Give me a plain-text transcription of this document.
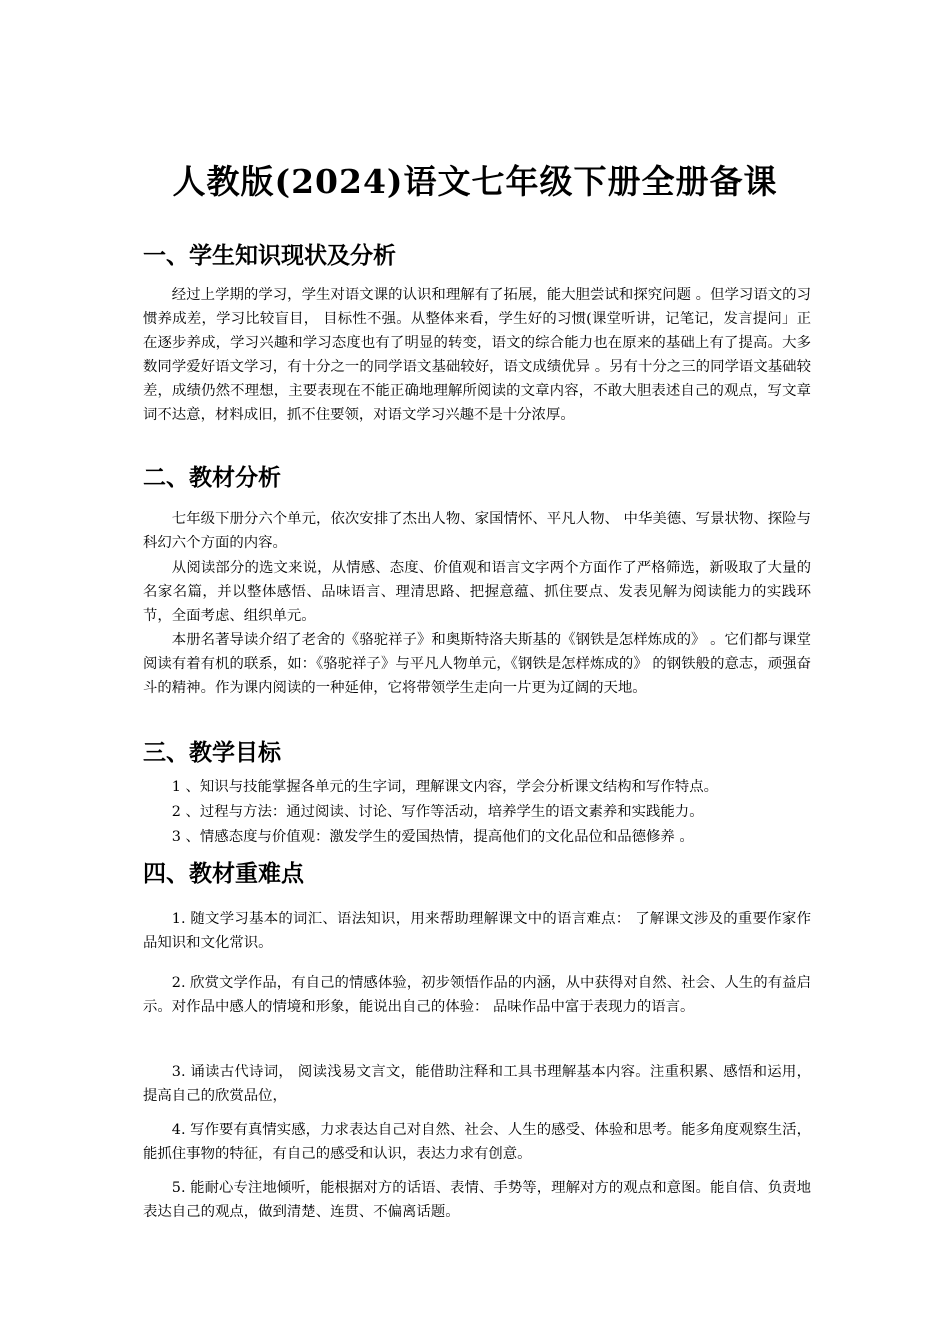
人教版(2024)语文七年级下册全册备课
一、学生知识现状及分析
经过上学期的学习，学生对语文课的认识和理解有了拓展，能大胆尝试和探究问题 。但学习语文的习惯养成差，学习比较盲目， 目标性不强。从整体来看，学生好的习惯(课堂听讲，记笔记，发言提问」正在逐步养成，学习兴趣和学习态度也有了明显的转变，语文的综合能力也在原来的基础上有了提高。大多数同学爱好语文学习，有十分之一的同学语文基础较好，语文成绩优异 。另有十分之三的同学语文基础较差，成绩仍然不理想，主要表现在不能正确地理解所阅读的文章内容，不敢大胆表述自己的观点，写文章词不达意，材料成旧，抓不住要领，对语文学习兴趣不是十分浓厚。
二、教材分析
七年级下册分六个单元，依次安排了杰出人物、家国情怀、平凡人物、 中华美德、写景状物、探险与科幻六个方面的内容。
从阅读部分的选文来说，从情感、态度、价值观和语言文字两个方面作了严格筛选，新吸取了大量的名家名篇，并以整体感悟、品味语言、理清思路、把握意蕴、抓住要点、发表见解为阅读能力的实践环节，全面考虑、组织单元。
本册名著导读介绍了老舍的《骆驼祥子》和奥斯特洛夫斯基的《钢铁是怎样炼成的》 。它们都与课堂阅读有着有机的联系，如：《骆驼祥子》与平凡人物单元，《钢铁是怎样炼成的》 的钢铁般的意志，顽强奋斗的精神。作为课内阅读的一种延伸，它将带领学生走向一片更为辽阔的天地。
三、教学目标
1 、知识与技能掌握各单元的生字词，理解课文内容，学会分析课文结构和写作特点。
2 、过程与方法：通过阅读、讨论、写作等活动，培养学生的语文素养和实践能力。
3 、情感态度与价值观：激发学生的爱国热情，提高他们的文化品位和品德修养 。
四、教材重难点
1. 随文学习基本的词汇、语法知识，用来帮助理解课文中的语言难点： 了解课文涉及的重要作家作品知识和文化常识。
2. 欣赏文学作品，有自己的情感体验，初步领悟作品的内涵，从中获得对自然、社会、人生的有益启示。对作品中感人的情境和形象，能说出自己的体验： 品味作品中富于表现力的语言。
3. 诵读古代诗词， 阅读浅易文言文，能借助注释和工具书理解基本内容。注重积累、感悟和运用，提高自己的欣赏品位，
4. 写作要有真情实感，力求表达自己对自然、社会、人生的感受、体验和思考。能多角度观察生活，能抓住事物的特征，有自己的感受和认识，表达力求有创意。
5. 能耐心专注地倾听，能根据对方的话语、表情、手势等，理解对方的观点和意图。能自信、负责地表达自己的观点，做到清楚、连贯、不偏离话题。
